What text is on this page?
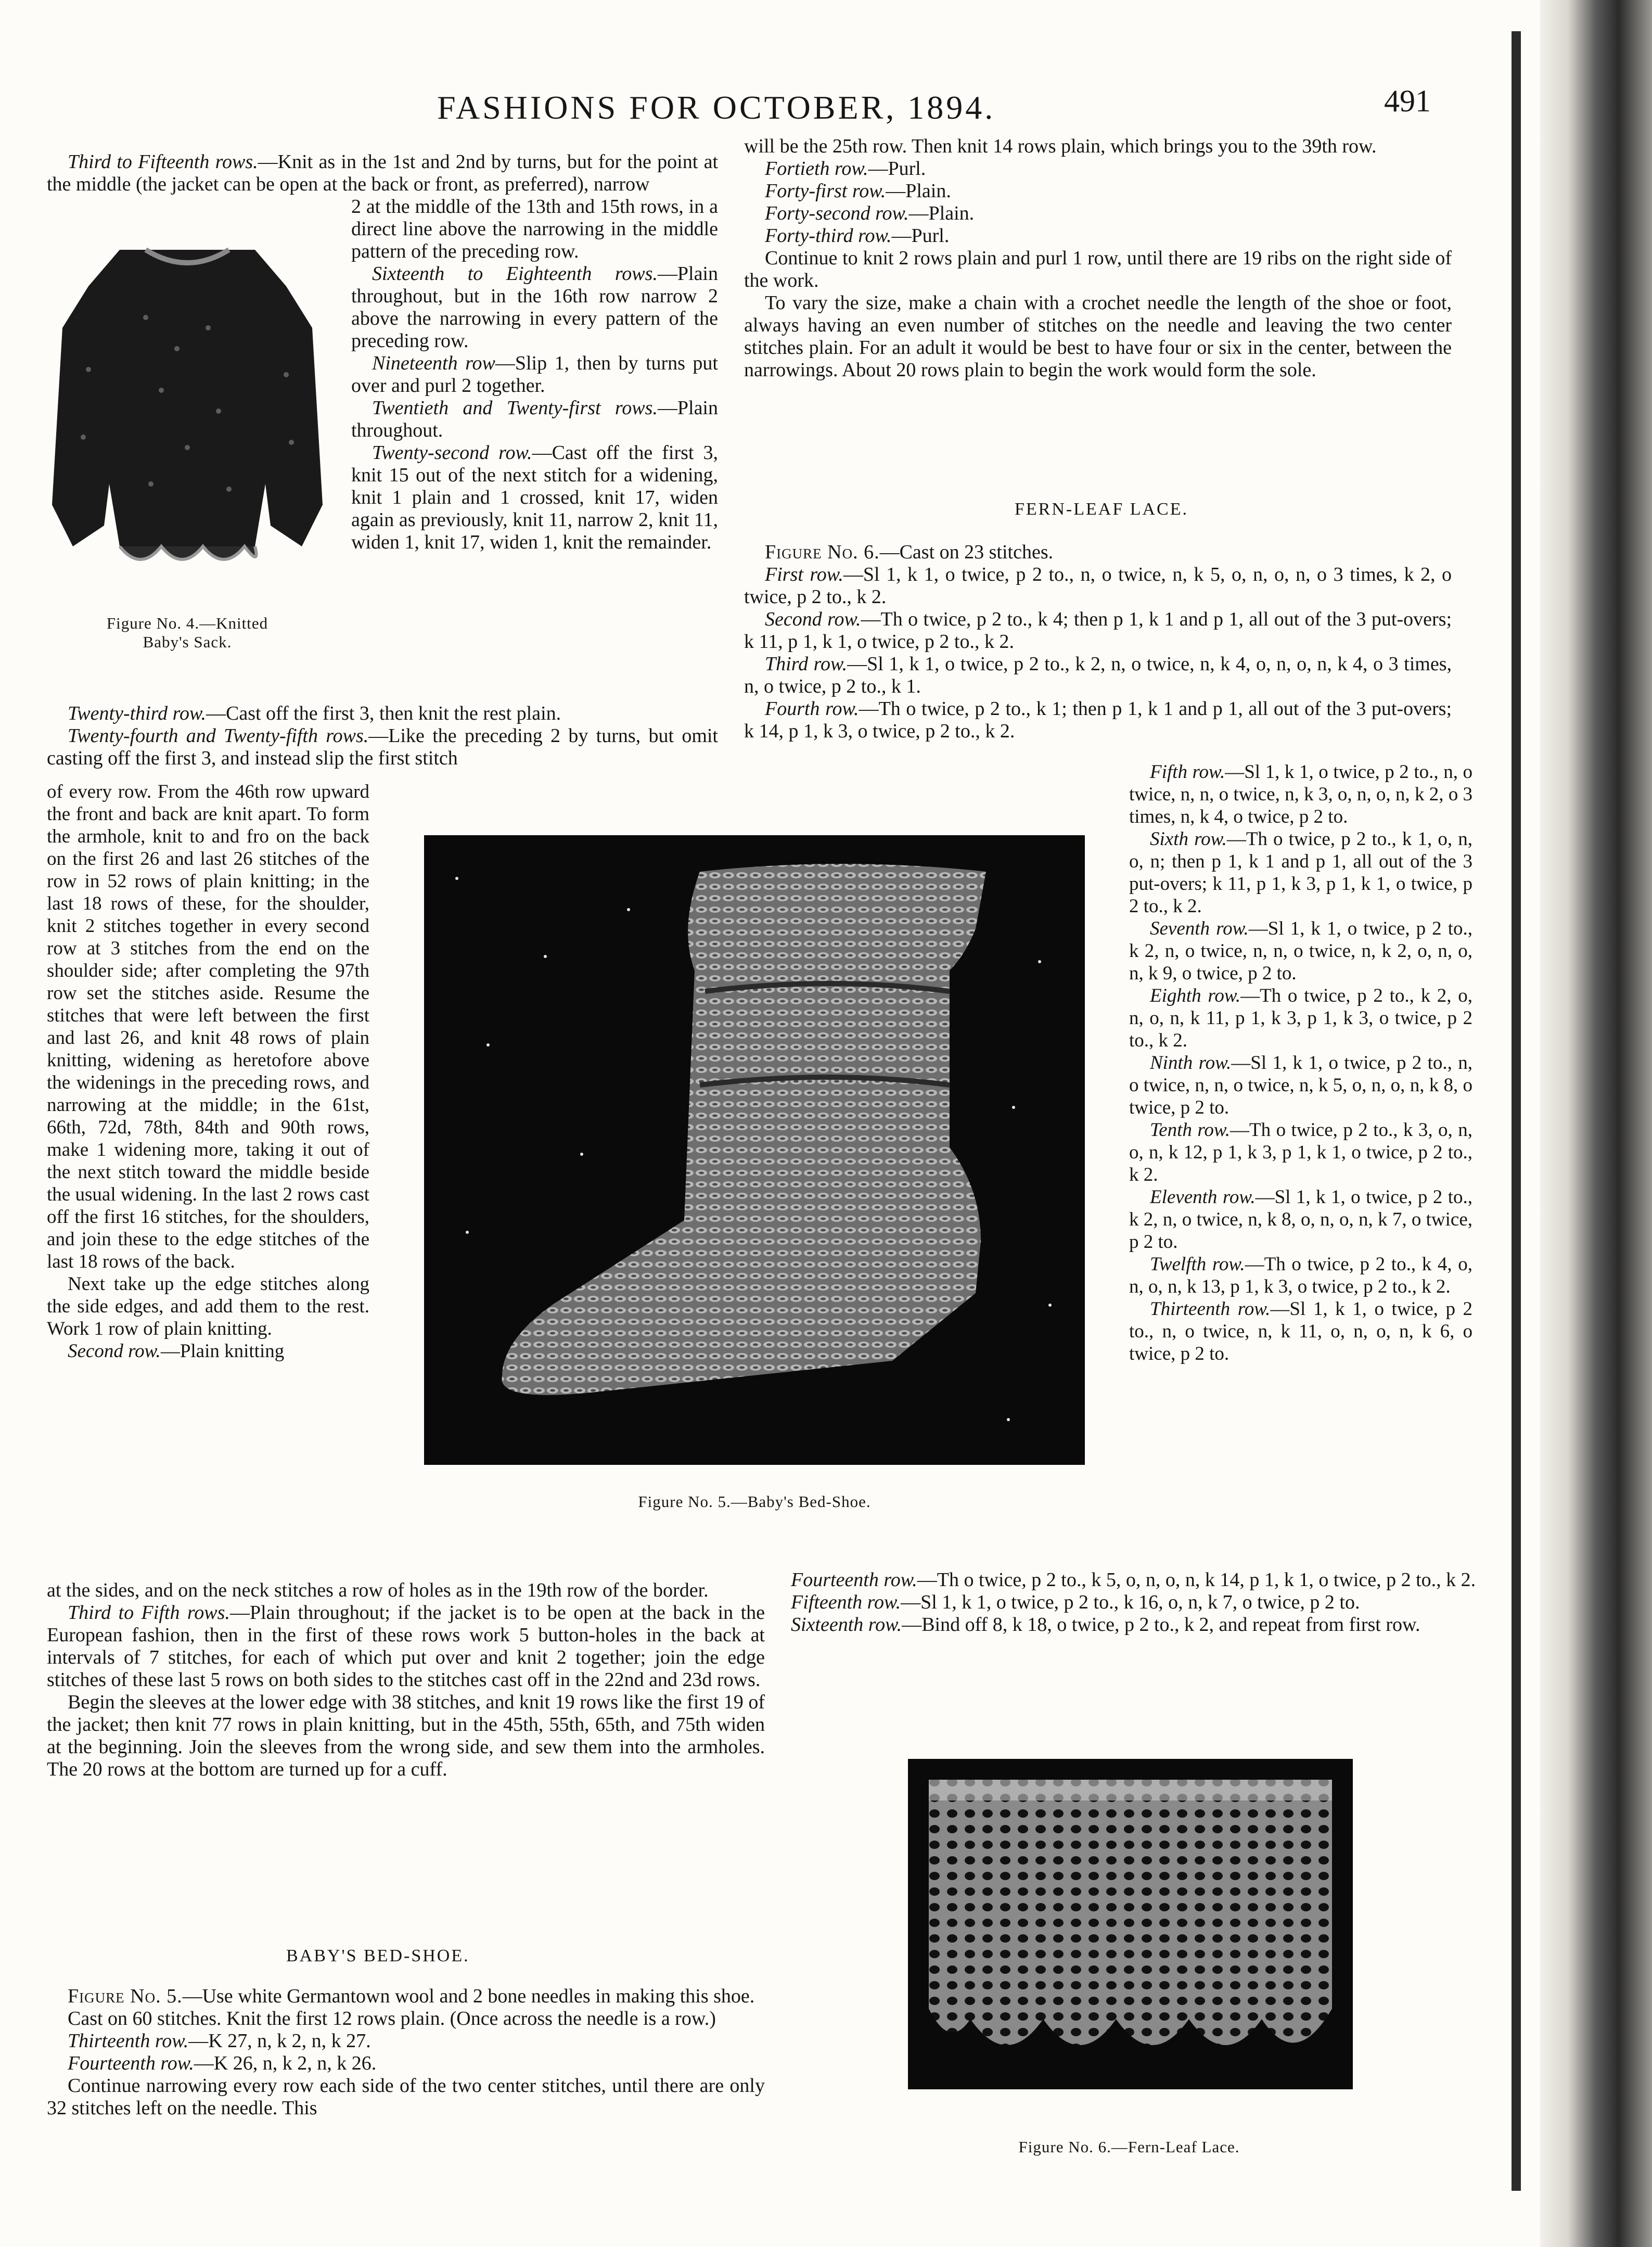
FASHIONS FOR OCTOBER, 1894.	491

Third to Fifteenth rows.—Knit as in the 1st and 2nd by turns, but for the point at the middle (the jacket can be open at the back or front, as preferred), narrow

Figure No. 4.—Knitted
Baby's Sack.

2 at the middle of the 13th and 15th rows, in a direct line above the narrowing in the middle pattern of the preceding row.

Sixteenth to Eighteenth rows.—Plain throughout, but in the 16th row narrow 2 above the narrowing in every pattern of the preceding row.

Nineteenth row—Slip 1, then by turns put over and purl 2 together.

Twentieth and Twenty-first rows.—Plain throughout.

Twenty-second row.—Cast off the first 3, knit 15 out of the next stitch for a widening, knit 1 plain and 1 crossed, knit 17, widen again as previously, knit 11, narrow 2, knit 11, widen 1, knit 17, widen 1, knit the remainder.

Twenty-third row.—Cast off the first 3, then knit the rest plain.

Twenty-fourth and Twenty-fifth rows.—Like the preceding 2 by turns, but omit casting off the first 3, and instead slip the first stitch

of every row. From the 46th row upward the front and back are knit apart. To form the armhole, knit to and fro on the back on the first 26 and last 26 stitches of the row in 52 rows of plain knitting; in the last 18 rows of these, for the shoulder, knit 2 stitches together in every second row at 3 stitches from the end on the shoulder side; after completing the 97th row set the stitches aside. Resume the stitches that were left between the first and last 26, and knit 48 rows of plain knitting, widening as heretofore above the widenings in the preceding rows, and narrowing at the middle; in the 61st, 66th, 72d, 78th, 84th and 90th rows, make 1 widening more, taking it out of the next stitch toward the middle beside the usual widening. In the last 2 rows cast off the first 16 stitches, for the shoulders, and join these to the edge stitches of the last 18 rows of the back.

Next take up the edge stitches along the side edges, and add them to the rest. Work 1 row of plain knitting.

Second row.—Plain knitting

at the sides, and on the neck stitches a row of holes as in the 19th row of the border.

Third to Fifth rows.—Plain throughout; if the jacket is to be open at the back in the European fashion, then in the first of these rows work 5 button-holes in the back at intervals of 7 stitches, for each of which put over and knit 2 together; join the edge stitches of these last 5 rows on both sides to the stitches cast off in the 22nd and 23d rows.

Begin the sleeves at the lower edge with 38 stitches, and knit 19 rows like the first 19 of the jacket; then knit 77 rows in plain knitting, but in the 45th, 55th, 65th, and 75th widen at the beginning. Join the sleeves from the wrong side, and sew them into the armholes. The 20 rows at the bottom are turned up for a cuff.

BABY'S BED-SHOE.

Figure No. 5.—Use white Germantown wool and 2 bone needles in making this shoe.

Cast on 60 stitches. Knit the first 12 rows plain. (Once across the needle is a row.)

Thirteenth row.—K 27, n, k 2, n, k 27.

Fourteenth row.—K 26, n, k 2, n, k 26.

Continue narrowing every row each side of the two center stitches, until there are only 32 stitches left on the needle. This

Figure No. 5.—Baby's Bed-Shoe.

will be the 25th row. Then knit 14 rows plain, which brings you to the 39th row.

Fortieth row.—Purl.

Forty-first row.—Plain.

Forty-second row.—Plain.

Forty-third row.—Purl.

Continue to knit 2 rows plain and purl 1 row, until there are 19 ribs on the right side of the work.

To vary the size, make a chain with a crochet needle the length of the shoe or foot, always having an even number of stitches on the needle and leaving the two center stitches plain. For an adult it would be best to have four or six in the center, between the narrowings. About 20 rows plain to begin the work would form the sole.

FERN-LEAF LACE.

Figure No. 6.—Cast on 23 stitches.

First row.—Sl 1, k 1, o twice, p 2 to., n, o twice, n, k 5, o, n, o, n, o 3 times, k 2, o twice, p 2 to., k 2.

Second row.—Th o twice, p 2 to., k 4; then p 1, k 1 and p 1, all out of the 3 put-overs; k 11, p 1, k 1, o twice, p 2 to., k 2.

Third row.—Sl 1, k 1, o twice, p 2 to., k 2, n, o twice, n, k 4, o, n, o, n, k 4, o 3 times, n, o twice, p 2 to., k 1.

Fourth row.—Th o twice, p 2 to., k 1; then p 1, k 1 and p 1, all out of the 3 put-overs; k 14, p 1, k 3, o twice, p 2 to., k 2.

Fifth row.—Sl 1, k 1, o twice, p 2 to., n, o twice, n, n, o twice, n, k 3, o, n, o, n, k 2, o 3 times, n, k 4, o twice, p 2 to.

Sixth row.—Th o twice, p 2 to., k 1, o, n, o, n; then p 1, k 1 and p 1, all out of the 3 put-overs; k 11, p 1, k 3, p 1, k 1, o twice, p 2 to., k 2.

Seventh row.—Sl 1, k 1, o twice, p 2 to., k 2, n, o twice, n, n, o twice, n, k 2, o, n, o, n, k 9, o twice, p 2 to.

Eighth row.—Th o twice, p 2 to., k 2, o, n, o, n, k 11, p 1, k 3, p 1, k 3, o twice, p 2 to., k 2.

Ninth row.—Sl 1, k 1, o twice, p 2 to., n, o twice, n, n, o twice, n, k 5, o, n, o, n, k 8, o twice, p 2 to.

Tenth row.—Th o twice, p 2 to., k 3, o, n, o, n, k 12, p 1, k 3, p 1, k 1, o twice, p 2 to., k 2.

Eleventh row.—Sl 1, k 1, o twice, p 2 to., k 2, n, o twice, n, k 8, o, n, o, n, k 7, o twice, p 2 to.

Twelfth row.—Th o twice, p 2 to., k 4, o, n, o, n, k 13, p 1, k 3, o twice, p 2 to., k 2.

Thirteenth row.—Sl 1, k 1, o twice, p 2 to., n, o twice, n, k 11, o, n, o, n, k 6, o twice, p 2 to.

Fourteenth row.—Th o twice, p 2 to., k 5, o, n, o, n, k 14, p 1, k 1, o twice, p 2 to., k 2.

Fifteenth row.—Sl 1, k 1, o twice, p 2 to., k 16, o, n, k 7, o twice, p 2 to.

Sixteenth row.—Bind off 8, k 18, o twice, p 2 to., k 2, and repeat from first row.

Figure No. 6.—Fern-Leaf Lace.
